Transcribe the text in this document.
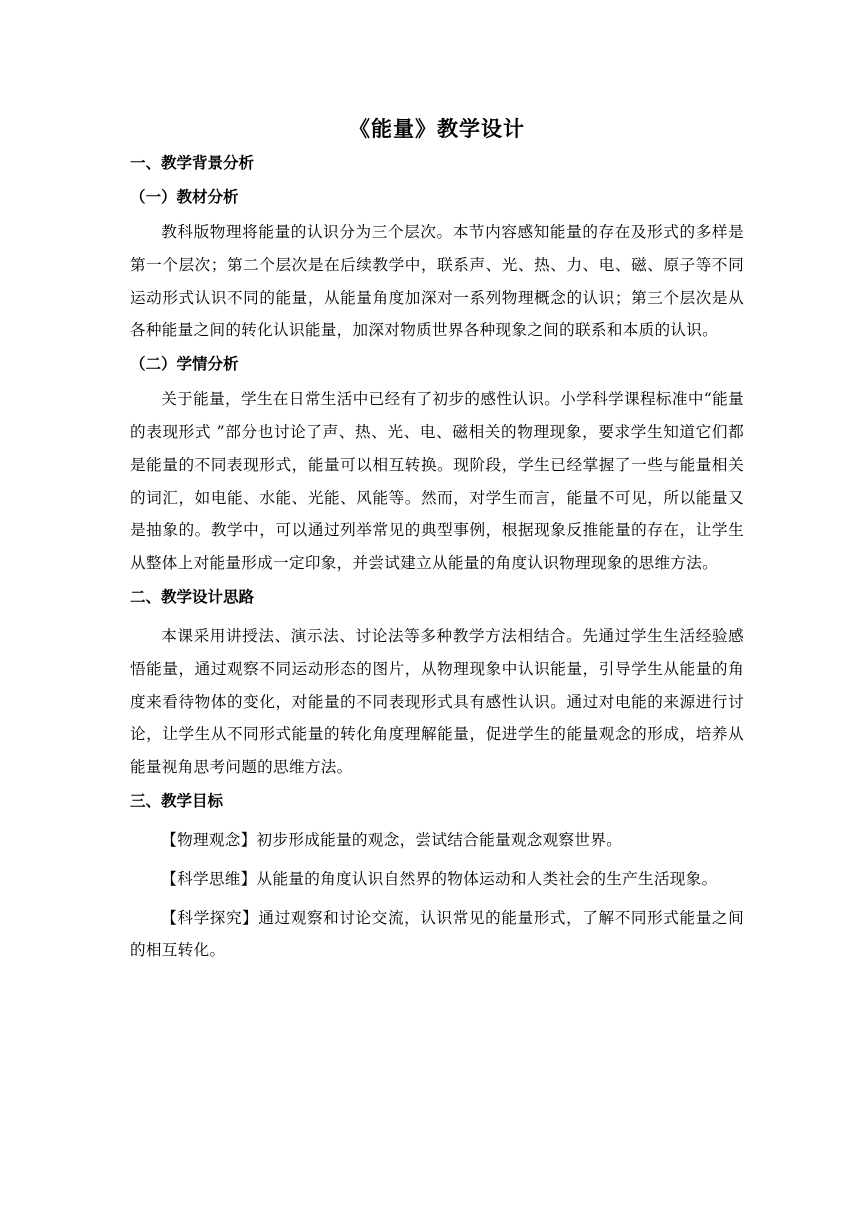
《能量》教学设计
一、教学背景分析
（一）教材分析

教科版物理将能量的认识分为三个层次。本节内容感知能量的存在及形式的多样是第一个层次；第二个层次是在后续教学中，联系声、光、热、力、电、磁、原子等不同运动形式认识不同的能量，从能量角度加深对一系列物理概念的认识；第三个层次是从各种能量之间的转化认识能量，加深对物质世界各种现象之间的联系和本质的认识。

（二）学情分析

关于能量，学生在日常生活中已经有了初步的感性认识。小学科学课程标准中“能量的表现形式 ”部分也讨论了声、热、光、电、磁相关的物理现象，要求学生知道它们都是能量的不同表现形式，能量可以相互转换。现阶段，学生已经掌握了一些与能量相关的词汇，如电能、水能、光能、风能等。然而，对学生而言，能量不可见，所以能量又是抽象的。教学中，可以通过列举常见的典型事例，根据现象反推能量的存在，让学生从整体上对能量形成一定印象，并尝试建立从能量的角度认识物理现象的思维方法。

二、教学设计思路

本课采用讲授法、演示法、讨论法等多种教学方法相结合。先通过学生生活经验感悟能量，通过观察不同运动形态的图片，从物理现象中认识能量，引导学生从能量的角度来看待物体的变化，对能量的不同表现形式具有感性认识。通过对电能的来源进行讨论，让学生从不同形式能量的转化角度理解能量，促进学生的能量观念的形成，培养从能量视角思考问题的思维方法。

三、教学目标

【物理观念】初步形成能量的观念，尝试结合能量观念观察世界。

【科学思维】从能量的角度认识自然界的物体运动和人类社会的生产生活现象。

【科学探究】通过观察和讨论交流，认识常见的能量形式，了解不同形式能量之间的相互转化。
